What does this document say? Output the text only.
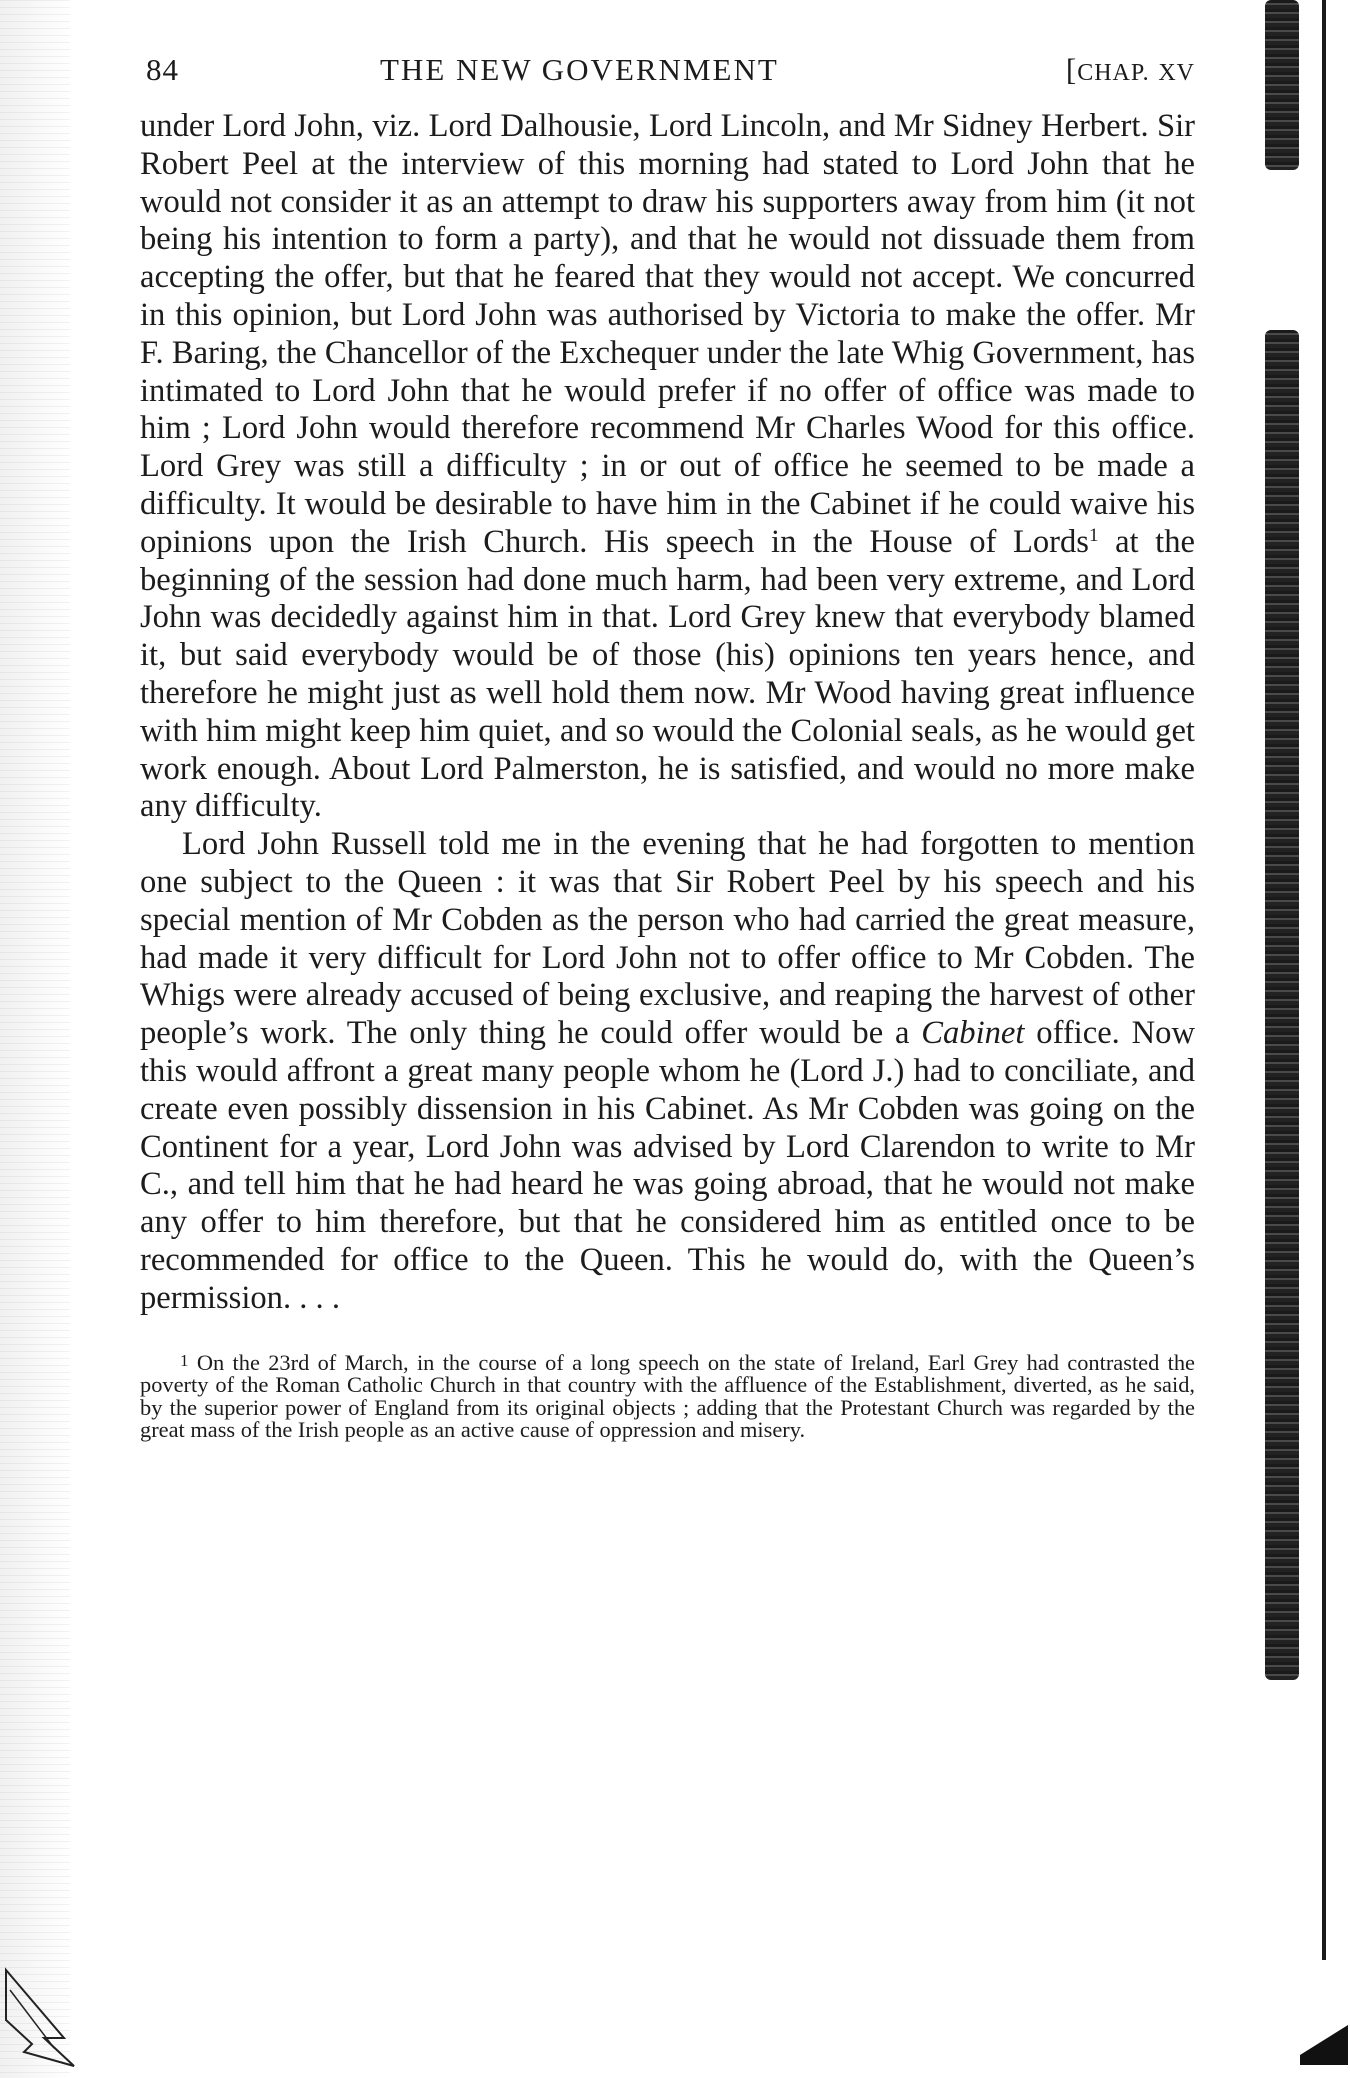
84	THE NEW GOVERNMENT	[CHAP. XV

under Lord John, viz. Lord Dalhousie, Lord Lincoln, and Mr Sidney Herbert. Sir Robert Peel at the interview of this morning had stated to Lord John that he would not consider it as an attempt to draw his supporters away from him (it not being his intention to form a party), and that he would not dissuade them from accepting the offer, but that he feared that they would not accept. We concurred in this opinion, but Lord John was authorised by Victoria to make the offer. Mr F. Baring, the Chancellor of the Exchequer under the late Whig Government, has intimated to Lord John that he would prefer if no offer of office was made to him ; Lord John would therefore recommend Mr Charles Wood for this office. Lord Grey was still a difficulty ; in or out of office he seemed to be made a difficulty. It would be desirable to have him in the Cabinet if he could waive his opinions upon the Irish Church. His speech in the House of Lords$^1$ at the beginning of the session had done much harm, had been very extreme, and Lord John was decidedly against him in that. Lord Grey knew that everybody blamed it, but said everybody would be of those (his) opinions ten years hence, and therefore he might just as well hold them now. Mr Wood having great influence with him might keep him quiet, and so would the Colonial seals, as he would get work enough. About Lord Palmerston, he is satisfied, and would no more make any difficulty.

Lord John Russell told me in the evening that he had forgotten to mention one subject to the Queen : it was that Sir Robert Peel by his speech and his special mention of Mr Cobden as the person who had carried the great measure, had made it very difficult for Lord John not to offer office to Mr Cobden. The Whigs were already accused of being exclusive, and reaping the harvest of other people’s work. The only thing he could offer would be a Cabinet office. Now this would affront a great many people whom he (Lord J.) had to conciliate, and create even possibly dissension in his Cabinet. As Mr Cobden was going on the Continent for a year, Lord John was advised by Lord Clarendon to write to Mr C., and tell him that he had heard he was going abroad, that he would not make any offer to him therefore, but that he considered him as entitled once to be recommended for office to the Queen. This he would do, with the Queen’s permission. . . .

1 On the 23rd of March, in the course of a long speech on the state of Ireland, Earl Grey had contrasted the poverty of the Roman Catholic Church in that country with the affluence of the Establishment, diverted, as he said, by the superior power of England from its original objects ; adding that the Protestant Church was regarded by the great mass of the Irish people as an active cause of oppression and misery.
